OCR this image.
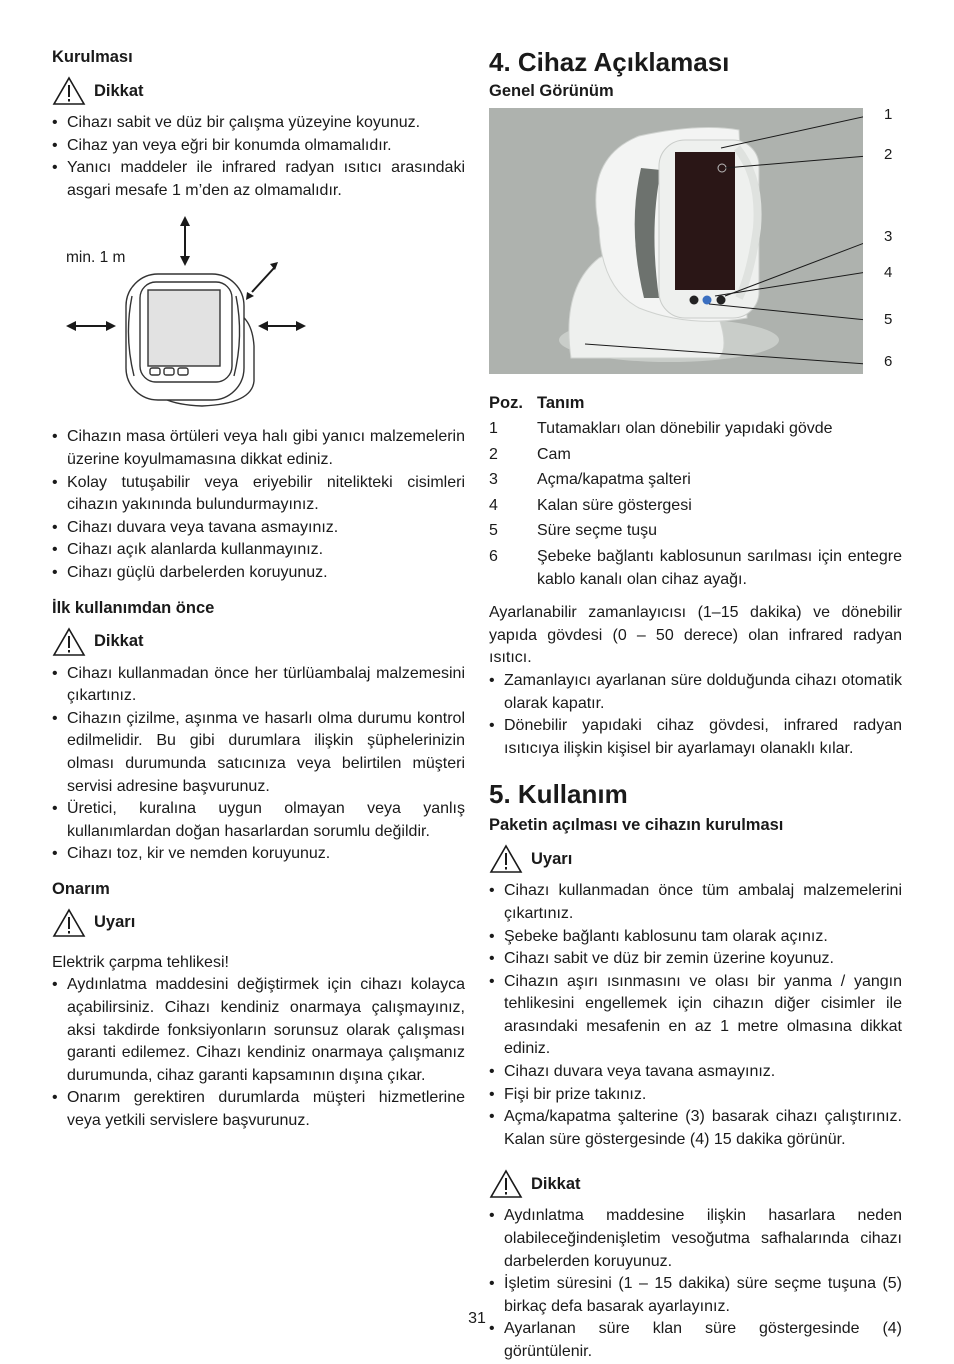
Kurulması
Dikkat
• Cihazı sabit ve düz bir çalışma yüzeyine koyunuz.
• Cihaz yan veya eğri bir konumda olmamalıdır.
• Yanıcı maddeler ile infrared radyan ısıtıcı arasındaki asgari mesafe 1 m’den az olmamalıdır.
min. 1 m
• Cihazın masa örtüleri veya halı gibi yanıcı malzemelerin üzerine koyulmamasına dikkat ediniz.
• Kolay tutuşabilir veya eriyebilir nitelikteki cisimleri cihazın yakınında bulundurmayınız.
• Cihazı duvara veya tavana asmayınız.
• Cihazı açık alanlarda kullanmayınız.
• Cihazı güçlü darbelerden koruyunuz.
İlk kullanımdan önce
Dikkat
• Cihazı kullanmadan önce her türlüambalaj malzemesini çıkartınız.
• Cihazın çizilme, aşınma ve hasarlı olma durumu kontrol edilmelidir. Bu gibi durumlara ilişkin şüphelerinizin olması durumunda satıcınıza veya belirtilen müşteri servisi adresine başvurunuz.
• Üretici, kuralına uygun olmayan veya yanlış kullanımlardan doğan hasarlardan sorumlu değildir.
• Cihazı toz, kir ve nemden koruyunuz.
Onarım
Uyarı

Elektrik çarpma tehlikesi!

• Aydınlatma maddesini değiştirmek için cihazı kolayca açabilirsiniz. Cihazı kendiniz onarmaya çalışmayınız, aksi takdirde fonksiyonların sorunsuz olarak çalışması garanti edilemez. Cihazı kendiniz onarmaya çalışmanız durumunda, cihaz garanti kapsamının dışına çıkar.
• Onarım gerektiren durumlarda müşteri hizmetlerine veya yetkili servislere başvurunuz.
4. Cihaz Açıklaması
Genel Görünüm
1
2
3
4
5
6
Poz. Tanım
1	Tutamakları olan dönebilir yapıdaki gövde
2	Cam
3	Açma/kapatma şalteri
4	Kalan süre göstergesi
5	Süre seçme tuşu
6	Şebeke bağlantı kablosunun sarılması için entegre kablo kanalı olan cihaz ayağı.

Ayarlanabilir zamanlayıcısı (1–15 dakika) ve dönebilir yapıda gövdesi (0 – 50 derece) olan infrared radyan ısıtıcı.

• Zamanlayıcı ayarlanan süre dolduğunda cihazı otomatik olarak kapatır.
• Dönebilir yapıdaki cihaz gövdesi, infrared radyan ısıtıcıya ilişkin kişisel bir ayarlamayı olanaklı kılar.
5. Kullanım
Paketin açılması ve cihazın kurulması
Uyarı
• Cihazı kullanmadan önce tüm ambalaj malzemelerini çıkartınız.
• Şebeke bağlantı kablosunu tam olarak açınız.
• Cihazı sabit ve düz bir zemin üzerine koyunuz.
• Cihazın aşırı ısınmasını ve olası bir yanma / yangın tehlikesini engellemek için cihazın diğer cisimler ile arasındaki mesafenin en az 1 metre olmasına dikkat ediniz.
• Cihazı duvara veya tavana asmayınız.
• Fişi bir prize takınız.
• Açma/kapatma şalterine (3) basarak cihazı çalıştırınız. Kalan süre göstergesinde (4) 15 dakika görünür.
Dikkat
• Aydınlatma maddesine ilişkin hasarlara neden olabileceğindenişletim vesoğutma safhalarında cihazı darbelerden koruyunuz.
• İşletim süresini (1 – 15 dakika) süre seçme tuşuna (5) birkaç defa basarak ayarlayınız.
• Ayarlanan süre klan süre göstergesinde (4) görüntülenir.
31
